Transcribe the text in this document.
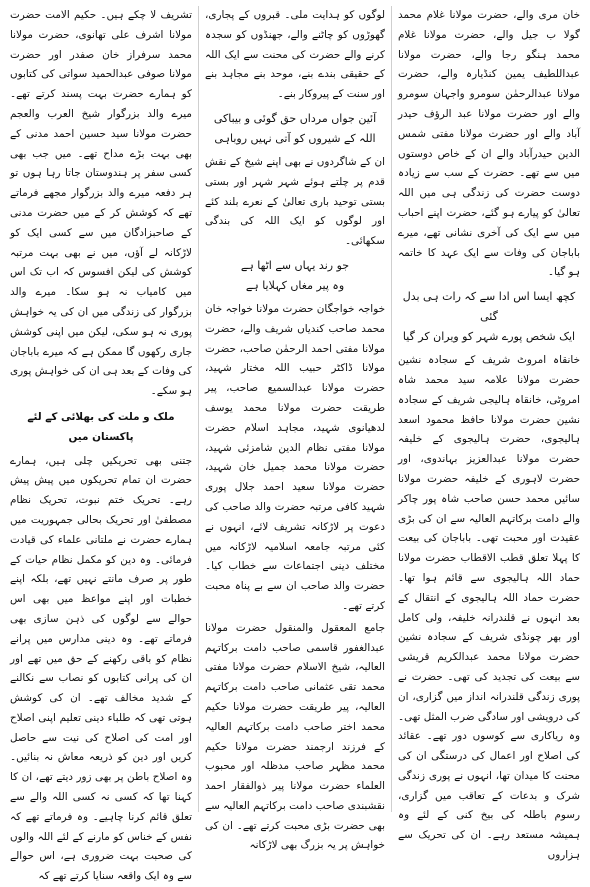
خان مری والے، حضرت مولانا غلام محمد گولا ب جیل والے، حضرت مولانا غلام محمد ہنگو رجا والے، حضرت مولانا عبداللطیف یمین کنڈیارہ والے، حضرت مولانا عبدالرحمٰن سومرو واجہان سومرو والے اور حضرت مولانا عبد الرؤف حیدر آباد والے اور حضرت مولانا مفتی شمس الدین حیدرآباد والے ان کے خاص دوستوں میں سے تھے۔ حضرت کے سب سے زیادہ دوست حضرت کی زندگی ہی میں اللہ تعالیٰ کو پیارے ہو گئے، حضرت اپنے احباب میں سے ایک کی آخری نشانی تھے، میرے باباجان کی وفات سے ایک عہد کا خاتمہ ہو گیا۔

کچھ ایسا اس ادا سے کہ رات ہی بدل گئی
ایک شخص پورے شہر کو ویران کر گیا

خانقاہ امروٹ شریف کے سجادہ نشین حضرت مولانا علامہ سید محمد شاہ امروٹی، خانقاہ ہالیجی شریف کے سجادہ نشین حضرت مولانا حافظ محمود اسعد ہالیجوی، حضرت ہالیجوی کے خلیفہ حضرت مولانا عبدالعزیز بہاندوی، اور حضرت لاہوری کے خلیفہ حضرت مولانا سائیں محمد حسن صاحب شاہ پور چاکر والے دامت برکاتہم العالیہ سے ان کی بڑی عقیدت اور محبت تھی۔ باباجان کی بیعت کا پہلا تعلق قطب الاقطاب حضرت مولانا حماد اللہ ہالیجوی سے قائم ہوا تھا۔ حضرت حماد اللہ ہالیجوی کے انتقال کے بعد انہوں نے قلندرانہ خلیفہ، ولی کامل اور بھر چونڈی شریف کے سجادہ نشین حضرت مولانا محمد عبدالکریم قریشی سے بیعت کی تجدید کی تھی۔ حضرت نے پوری زندگی قلندرانہ انداز میں گزاری، ان کی درویشی اور سادگی ضرب المثل تھی۔ وہ ریاکاری سے کوسوں دور تھے۔ عقائد کی اصلاح اور اعمال کی درستگی ان کی محنت کا میدان تھا، انہوں نے پوری زندگی شرک و بدعات کے تعاقب میں گزاری، رسوم باطلہ کی بیخ کنی کے لئے وہ ہمیشہ مستعد رہے۔ ان کی تحریک سے ہزاروں

لوگوں کو ہدایت ملی۔ قبروں کے پجاری، گھوڑوں کو چاٹنے والے، جھنڈوں کو سجدہ کرنے والے حضرت کی محنت سے ایک اللہ کے حقیقی بندے بنے، موحد بنے مجاہد بنے اور سنت کے پیروکار بنے۔

آئین جواں مرداں حق گوئی و بیباکی
اللہ کے شیروں کو آتی نہیں روباہی

ان کے شاگردوں نے بھی اپنے شیخ کے نقش قدم پر چلتے ہوئے شہر شہر اور بستی بستی توحید باری تعالیٰ کے نعرے بلند کئے اور لوگوں کو ایک اللہ کی بندگی سکھائی۔

جو رند یہاں سے اٹھا ہے
وہ پیر مغاں کہلایا ہے

خواجہ خواجگان حضرت مولانا خواجہ خان محمد صاحب کندیاں شریف والے، حضرت مولانا مفتی احمد الرحمٰن صاحب، حضرت مولانا ڈاکٹر حبیب اللہ مختار شہید، حضرت مولانا عبدالسمیع صاحب، پیر طریقت حضرت مولانا محمد یوسف لدھیانوی شہید، مجاہد اسلام حضرت مولانا مفتی نظام الدین شامزئی شہید، حضرت مولانا محمد جمیل خان شہید، حضرت مولانا سعید احمد جلال پوری شہید کافی مرتبہ حضرت والد صاحب کی دعوت پر لاڑکانہ تشریف لائے، انہوں نے کئی مرتبہ جامعہ اسلامیہ لاڑکانہ میں مختلف دینی اجتماعات سے خطاب کیا۔ حضرت والد صاحب ان سے بے پناہ محبت کرتے تھے۔

جامع المعقول والمنقول حضرت مولانا عبدالغفور قاسمی صاحب دامت برکاتہم العالیہ، شیخ الاسلام حضرت مولانا مفتی محمد تقی عثمانی صاحب دامت برکاتہم العالیہ، پیر طریقت حضرت مولانا حکیم محمد اختر صاحب دامت برکاتہم العالیہ کے فرزند ارجمند حضرت مولانا حکیم محمد مظہر صاحب مدظلہ اور محبوب العلماء حضرت مولانا پیر ذوالفقار احمد نقشبندی صاحب دامت برکاتہم العالیہ سے بھی حضرت بڑی محبت کرتے تھے۔ ان کی خواہش پر یہ بزرگ بھی لاڑکانہ

تشریف لا چکے ہیں۔ حکیم الامت حضرت مولانا اشرف علی تھانوی، حضرت مولانا محمد سرفراز خان صفدر اور حضرت مولانا صوفی عبدالحمید سواتی کی کتابوں کو ہمارے حضرت بہت پسند کرتے تھے۔ میرے والد بزرگوار شیخ العرب والعجم حضرت مولانا سید حسین احمد مدنی کے بھی بہت بڑے مداح تھے۔ میں جب بھی کسی سفر پر ہندوستان جاتا رہا ہوں تو ہر دفعہ میرے والد بزرگوار مجھے فرماتے تھے کہ کوشش کر کے میں حضرت مدنی کے صاحبزادگان میں سے کسی ایک کو لاڑکانہ لے آؤں، میں نے بھی بہت مرتبہ کوشش کی لیکن افسوس کہ اب تک اس میں کامیاب نہ ہو سکا۔ میرے والد بزرگوار کی زندگی میں ان کی یہ خواہش پوری نہ ہو سکی، لیکن میں اپنی کوشش جاری رکھوں گا ممکن ہے کہ میرے باباجان کی وفات کے بعد ہی ان کی خواہش پوری ہو سکے۔

ملک و ملت کی بھلائی کے لئے پاکستان میں

جتنی بھی تحریکیں چلی ہیں، ہمارے حضرت ان تمام تحریکوں میں پیش پیش رہے۔ تحریک ختم نبوت، تحریک نظام مصطفیٰ اور تحریک بحالی جمہوریت میں ہمارے حضرت نے ملتانی علماء کی قیادت فرمائی۔ وہ دین کو مکمل نظام حیات کے طور پر صرف مانتے نہیں تھے، بلکہ اپنے خطبات اور اپنے مواعظ میں بھی اس حوالے سے لوگوں کی ذہن سازی بھی فرماتے تھے۔ وہ دینی مدارس میں پرانے نظام کو باقی رکھنے کے حق میں تھے اور ان کی پرانی کتابوں کو نصاب سے نکالنے کے شدید مخالف تھے۔ ان کی کوشش ہوتی تھی کہ طلباء دینی تعلیم اپنی اصلاح اور امت کی اصلاح کی نیت سے حاصل کریں اور دین کو ذریعہ معاش نہ بنائیں۔ وہ اصلاح باطن پر بھی زور دیتے تھے، ان کا کہنا تھا کہ کسی نہ کسی اللہ والے سے تعلق قائم کرنا چاہیے۔ وہ فرماتے تھے کہ نفس کے خناس کو مارنے کے لئے اللہ والوں کی صحبت بہت ضروری ہے، اس حوالے سے وہ ایک واقعہ سنایا کرتے تھے کہ
